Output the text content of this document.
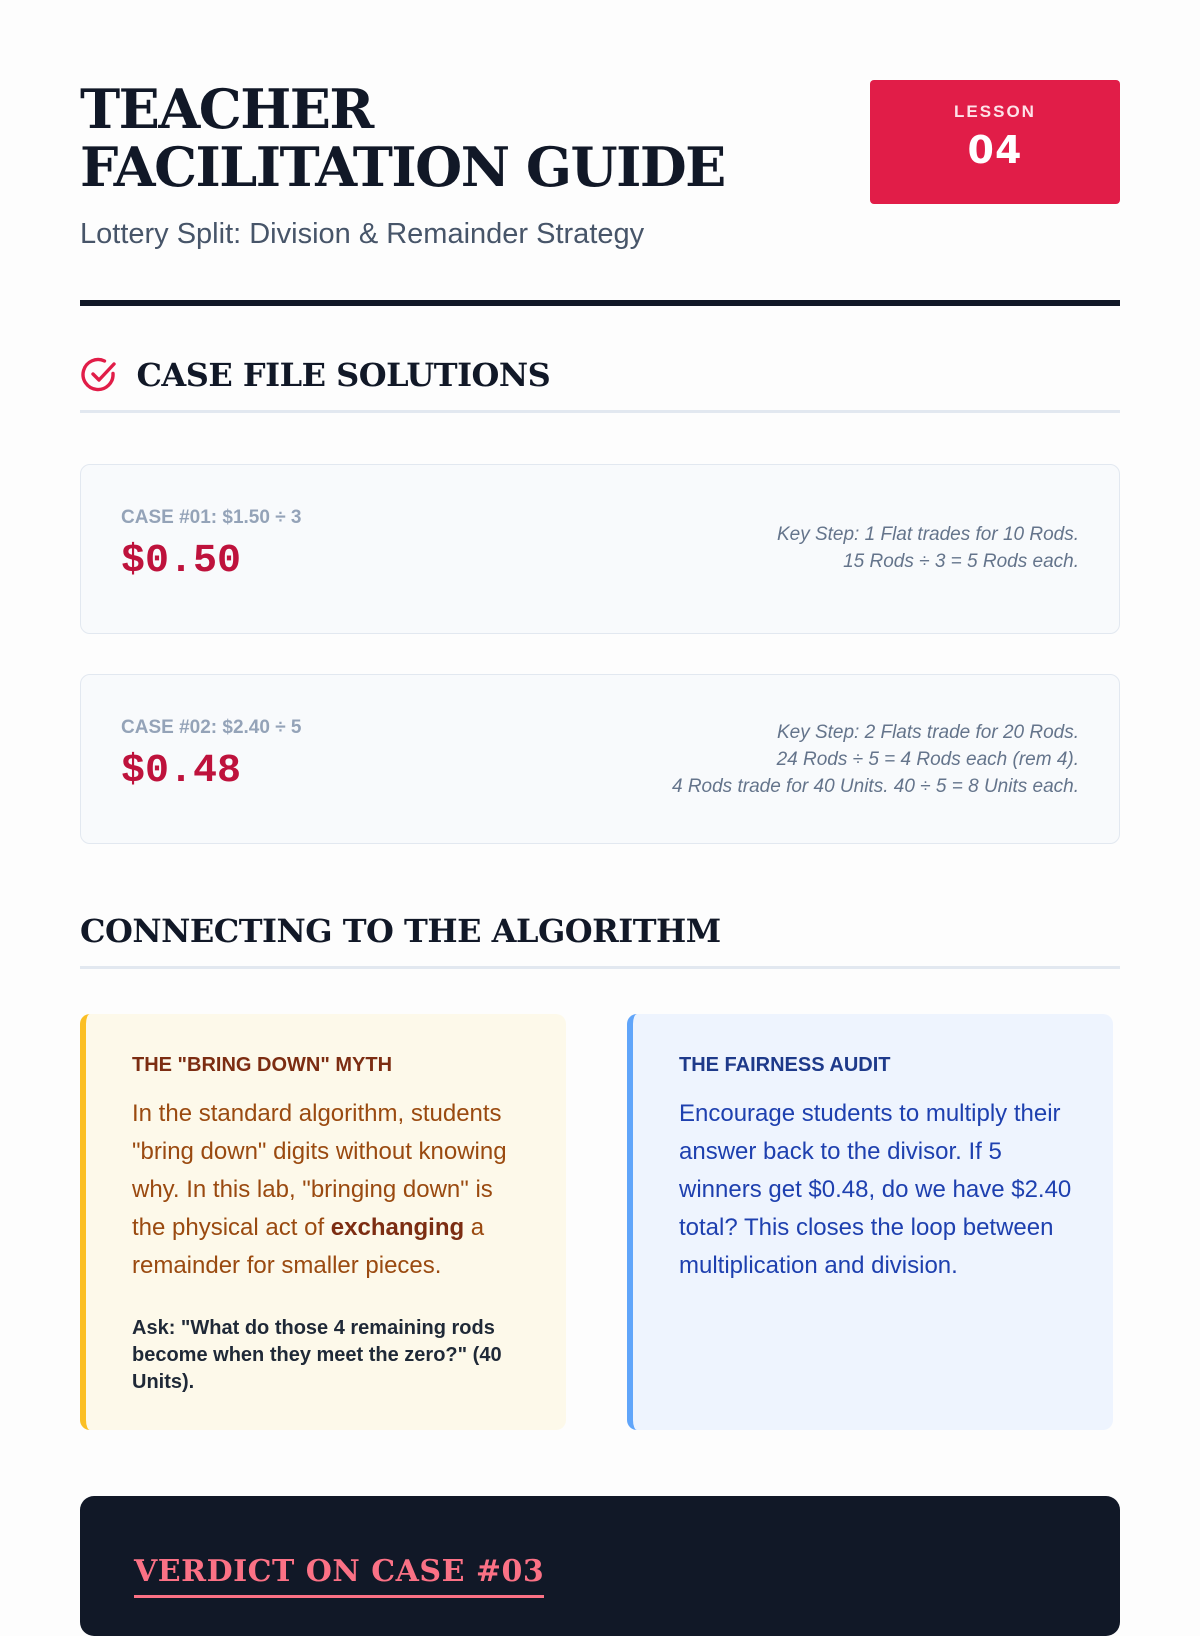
TEACHER FACILITATION GUIDE
Lottery Split: Division & Remainder Strategy
LESSON
04
CASE FILE SOLUTIONS
CASE #01: $1.50 ÷ 3
$0.50
Key Step: 1 Flat trades for 10 Rods.
15 Rods ÷ 3 = 5 Rods each.
CASE #02: $2.40 ÷ 5
$0.48
Key Step: 2 Flats trade for 20 Rods.
24 Rods ÷ 5 = 4 Rods each (rem 4).
4 Rods trade for 40 Units. 40 ÷ 5 = 8 Units each.
CONNECTING TO THE ALGORITHM
THE "BRING DOWN" MYTH
In the standard algorithm, students "bring down" digits without knowing why. In this lab, "bringing down" is the physical act of exchanging a remainder for smaller pieces.
Ask: "What do those 4 remaining rods become when they meet the zero?" (40 Units).
THE FAIRNESS AUDIT
Encourage students to multiply their answer back to the divisor. If 5 winners get $0.48, do we have $2.40 total? This closes the loop between multiplication and division.
VERDICT ON CASE #03
